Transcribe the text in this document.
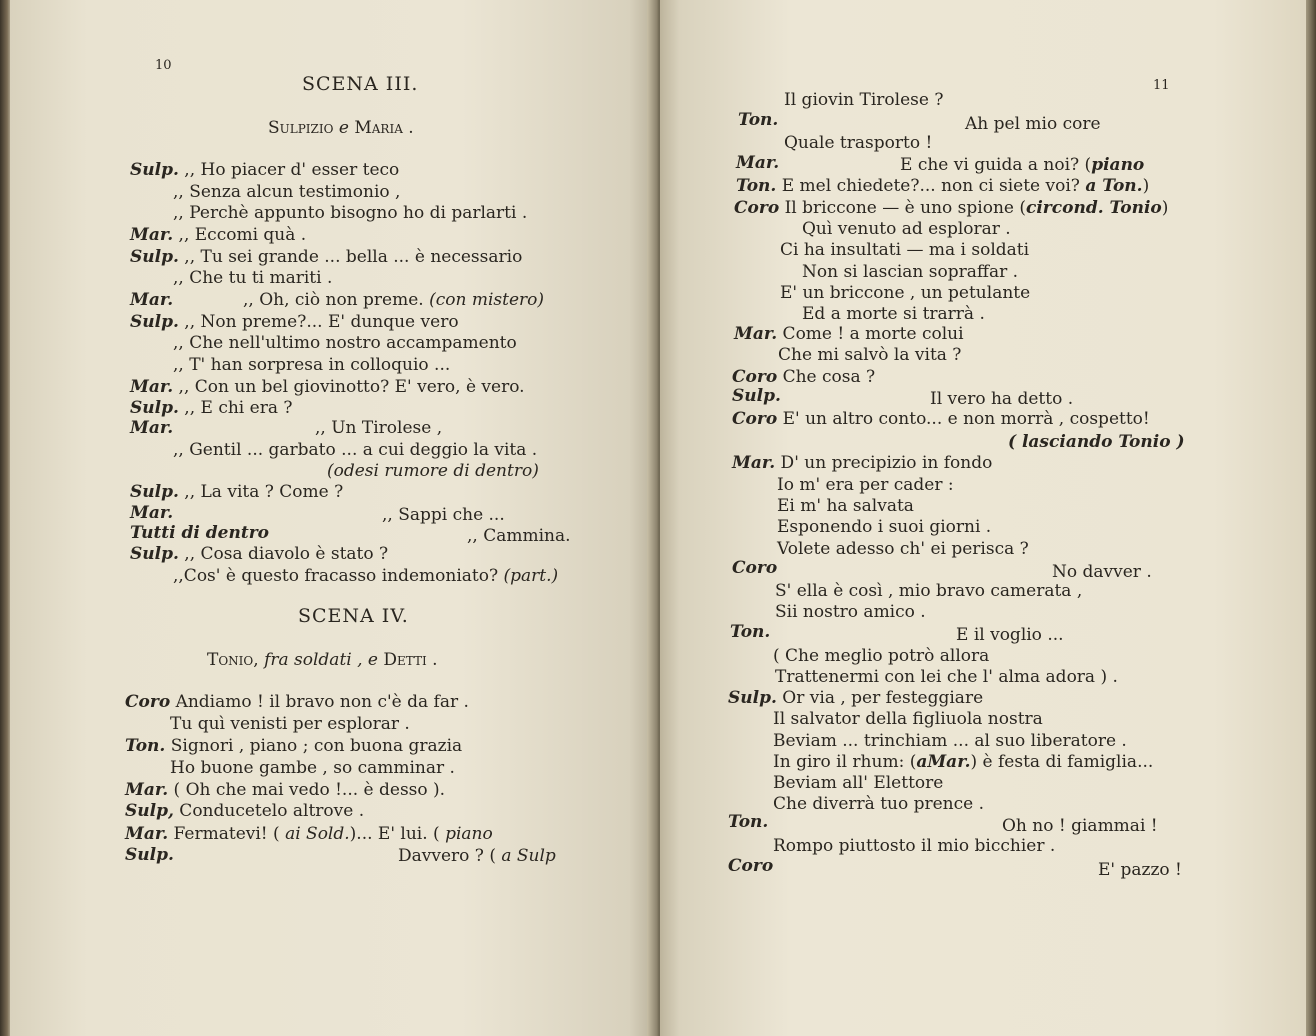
10
SCENA III.
Sulpizio e Maria .
Sulp. ,, Ho piacer d' esser teco
,, Senza alcun testimonio ,
,, Perchè appunto bisogno ho di parlarti .
Mar. ,, Eccomi quà .
Sulp. ,, Tu sei grande ... bella ... è necessario
,, Che tu ti mariti .
Mar.	,, Oh, ciò non preme. (con mistero)
Sulp. ,, Non preme?... E' dunque vero
,, Che nell'ultimo nostro accampamento
,, T' han sorpresa in colloquio ...
Mar. ,, Con un bel giovinotto? E' vero, è vero.
Sulp. ,, E chi era ?
Mar.	,, Un Tirolese ,
,, Gentil ... garbato ... a cui deggio la vita .
(odesi rumore di dentro)
Sulp. ,, La vita ? Come ?
Mar.	,, Sappi che ...
Tutti di dentro	,, Cammina.
Sulp. ,, Cosa diavolo è stato ?
,,Cos' è questo fracasso indemoniato? (part.)
SCENA IV.
Tonio, fra soldati , e Detti .
Coro Andiamo ! il bravo non c'è da far .
Tu quì venisti per esplorar .
Ton. Signori , piano ; con buona grazia
Ho buone gambe , so camminar .
Mar. ( Oh che mai vedo !... è desso ).
Sulp, Conducetelo altrove .
Mar. Fermatevi! ( ai Sold.)... E' lui. ( piano
Sulp.	Davvero ? ( a Sulp
11
Il giovin Tirolese ?
Ton.	Ah pel mio core
Quale trasporto !
Mar.	E che vi guida a noi? (piano
Ton. E mel chiedete?... non ci siete voi? a Ton.)
Coro Il briccone — è uno spione (circond. Tonio)
Quì venuto ad esplorar .
Ci ha insultati — ma i soldati
Non si lascian sopraffar .
E' un briccone , un petulante
Ed a morte si trarrà .
Mar. Come ! a morte colui
Che mi salvò la vita ?
Coro Che cosa ?
Sulp.	Il vero ha detto .
Coro E' un altro conto... e non morrà , cospetto!
( lasciando Tonio )
Mar. D' un precipizio in fondo
Io m' era per cader :
Ei m' ha salvata
Esponendo i suoi giorni .
Volete adesso ch' ei perisca ?
Coro	No davver .
S' ella è così , mio bravo camerata ,
Sii nostro amico .
Ton.	E il voglio ...
( Che meglio potrò allora
Trattenermi con lei che l' alma adora ) .
Sulp. Or via , per festeggiare
Il salvator della figliuola nostra
Beviam ... trinchiam ... al suo liberatore .
In giro il rhum: (aMar.) è festa di famiglia...
Beviam all' Elettore
Che diverrà tuo prence .
Ton.	Oh no ! giammai !
Rompo piuttosto il mio bicchier .
Coro	E' pazzo !
